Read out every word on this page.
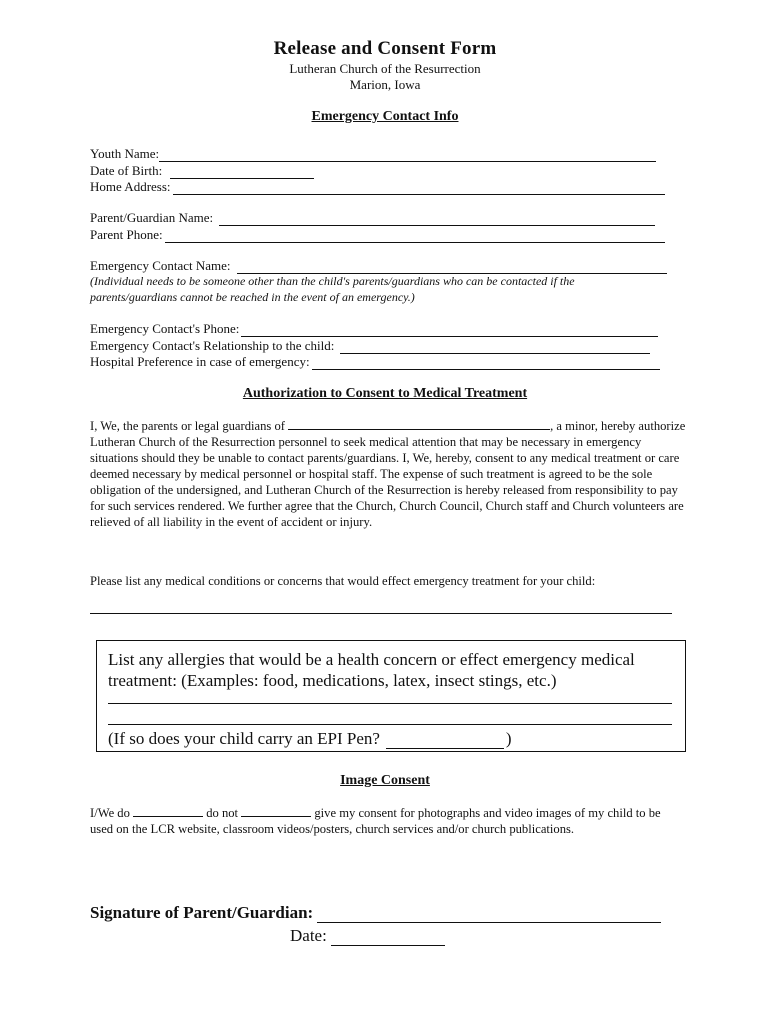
Release and Consent Form
Lutheran Church of the Resurrection
Marion, Iowa
Emergency Contact Info
Youth Name:
Date of Birth:
Home Address:
Parent/Guardian Name:
Parent Phone:
Emergency Contact Name:
(Individual needs to be someone other than the child's parents/guardians who can be contacted if the parents/guardians cannot be reached in the event of an emergency.)
Emergency Contact's Phone:
Emergency Contact's Relationship to the child:
Hospital Preference in case of emergency:
Authorization to Consent to Medical Treatment

I, We, the parents or legal guardians of	, a minor, hereby authorize Lutheran Church of the Resurrection personnel to seek medical attention that may be necessary in emergency situations should they be unable to contact parents/guardians. I, We, hereby, consent to any medical treatment or care deemed necessary by medical personnel or hospital staff. The expense of such treatment is agreed to be the sole obligation of the undersigned, and Lutheran Church of the Resurrection is hereby released from responsibility to pay for such services rendered. We further agree that the Church, Church Council, Church staff and Church volunteers are relieved of all liability in the event of accident or injury.

Please list any medical conditions or concerns that would effect emergency treatment for your child:
List any allergies that would be a health concern or effect emergency medical treatment: (Examples: food, medications, latex, insect stings, etc.)
(If so does your child carry an EPI Pen?	)
Image Consent

I/We do	do not	give my consent for photographs and video images of my child to be used on the LCR website, classroom videos/posters, church services and/or church publications.

Signature of Parent/Guardian:
Date:
